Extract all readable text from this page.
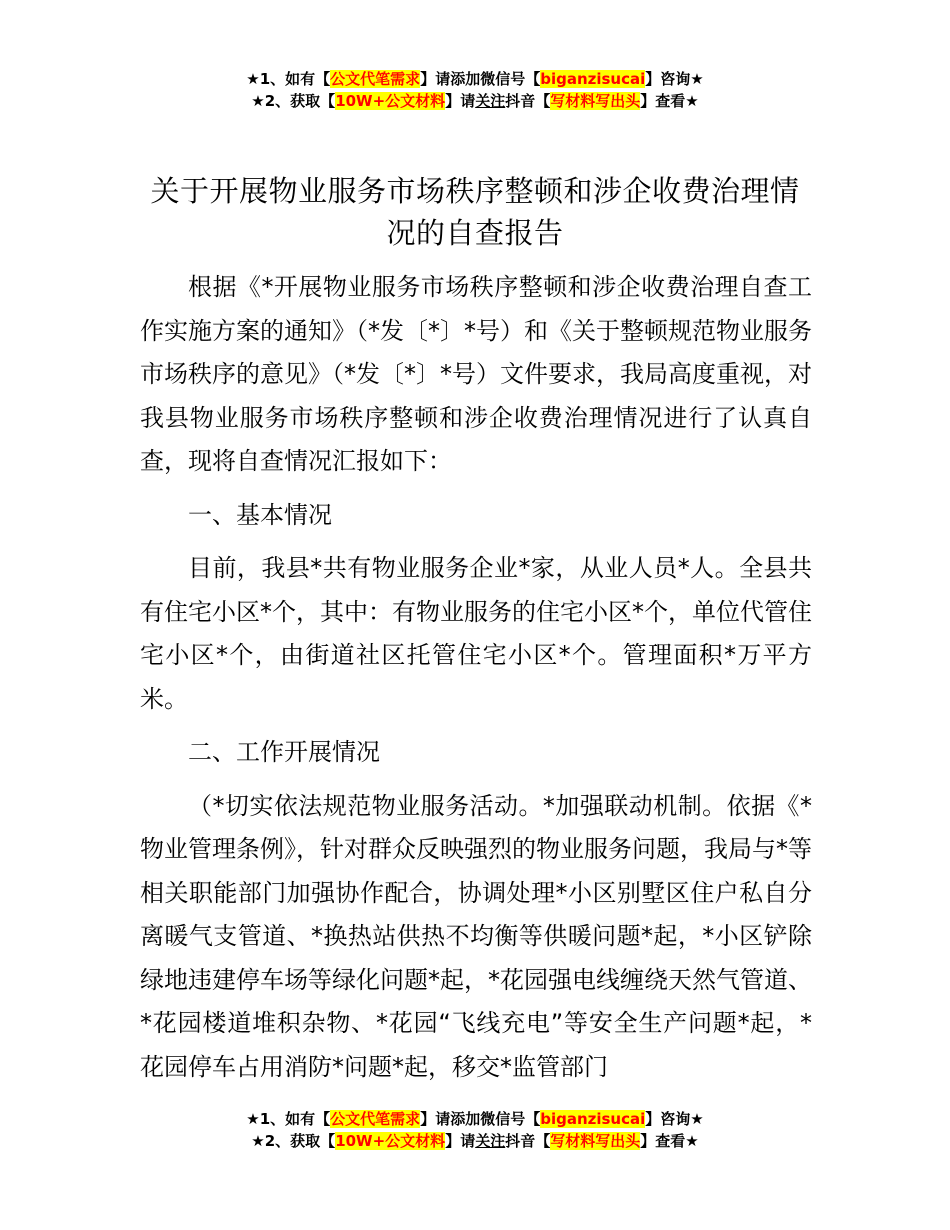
★1、如有【公文代笔需求】请添加微信号【biganzisucai】咨询★
★2、获取【10W+公文材料】请关注抖音【写材料写出头】查看★
关于开展物业服务市场秩序整顿和涉企收费治理情况的自查报告

根据《*开展物业服务市场秩序整顿和涉企收费治理自查工作实施方案的通知》（*发〔*〕*号）和《关于整顿规范物业服务市场秩序的意见》（*发〔*〕*号）文件要求，我局高度重视，对我县物业服务市场秩序整顿和涉企收费治理情况进行了认真自查，现将自查情况汇报如下：

一、基本情况

目前，我县*共有物业服务企业*家，从业人员*人。全县共有住宅小区*个，其中：有物业服务的住宅小区*个，单位代管住宅小区*个，由街道社区托管住宅小区*个。管理面积*万平方米。

二、工作开展情况

（*切实依法规范物业服务活动。*加强联动机制。依据《*物业管理条例》，针对群众反映强烈的物业服务问题，我局与*等相关职能部门加强协作配合，协调处理*小区别墅区住户私自分离暖气支管道、*换热站供热不均衡等供暖问题*起，*小区铲除绿地违建停车场等绿化问题*起，*花园强电线缠绕天然气管道、*花园楼道堆积杂物、*花园“飞线充电”等安全生产问题*起，*花园停车占用消防*问题*起，移交*监管部门

★1、如有【公文代笔需求】请添加微信号【biganzisucai】咨询★
★2、获取【10W+公文材料】请关注抖音【写材料写出头】查看★
